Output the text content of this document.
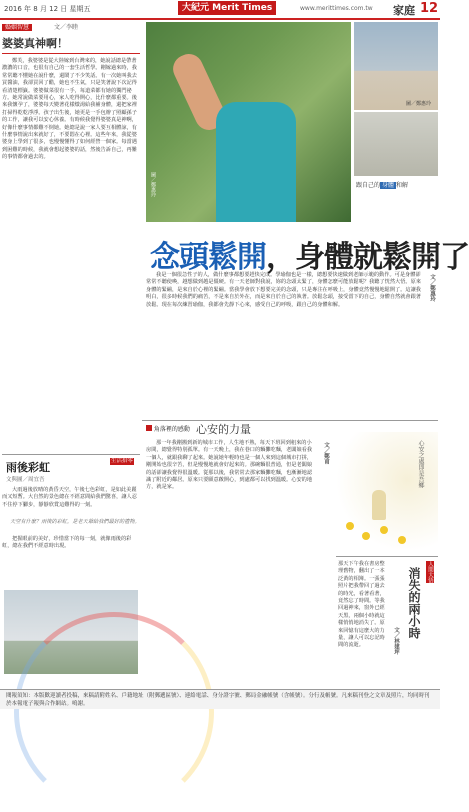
2016 年 8 月 12 日 星期五	大紀元 Merit Times	www.merittimes.com.tw 家庭 12
婚姻智慧	文／李睦
婆婆真神啊！
鄭芙，我婆婆是從大陸嫁到台灣來的，她說話總是帶著濃濃的口音，也很有自己的一套生活哲學。剛嫁過來時，我常常聽不懂她在說什麼，還鬧了不少笑話。有一次她叫我去買醬油，我卻買回了醋，她也不生氣，只是笑著說下次記得看清楚標籤。婆婆做菜很有一手，每道菜都有她的獨門祕方。她常說做菜要用心，家人吃得開心，比什麼都重要。後來我懷孕了，婆婆每天變著花樣燉湯給我補身體，還把家裡打掃得乾乾淨淨。孩子出生後，她更是一手包辦了照顧孫子的工作，讓我可以安心休養。有時候我覺得婆婆真是神啊，好像什麼事情都難不倒她。她總是說一家人要互相體諒，有什麼事情說出來就好了，不要悶在心裡。這些年來，我從婆婆身上學到了很多，也慢慢懂得了如何經營一個家。每當遇到困難的時候，我就會想起婆婆的話，然後告訴自己，再難的事情都會過去的。
雨後彩虹	生活拾零
文與圖／周宜吾
大雨過後放晴的黃昏天空，午後七色彩虹，是如此美麗而又短暫。大自然的景色總在不經意間給我們驚喜，讓人忍不住停下腳步，靜靜欣賞這難得的一刻。
天空有什麼？雨後的彩虹，是老天爺給我們最好的禮物。
把握眼前的美好，珍惜當下的每一刻，就像雨後的彩虹，總在我們不經意時出現。
圖／鄭惠玲
圖／鄭惠玲
跟自己的 身體 和解
念頭鬆開，身體就鬆開了
文／鄭惠玲
我是一個很急性子的人，做什麼事都想要趕快完成。學瑜伽也是一樣，總想要快速做到老師示範的動作。可是身體卻常常不聽使喚，越想做到越是僵硬。有一天老師對我說，妳的念頭太緊了，身體怎麼可能放鬆呢？我聽了恍然大悟。原來身體的緊繃，是來自於心裡的緊繃。當我學會放下想要完美的念頭，只是專注在呼吸上，身體竟然慢慢地鬆開了。這讓我明白，很多時候我們的痛苦，不是來自於外在，而是來自於自己的執著。放鬆念頭，接受當下的自己，身體自然就會跟著放鬆。現在每次練習瑜伽，我都會先靜下心來，感受自己的呼吸，跟自己的身體和解。
角落裡的感動 心安的力量
文／鄭甫
那一年我剛搬到新的城市工作，人生地不熟，每天下班回到租來的小房間，總覺得特別孤單。有一天晚上，我在巷口的麵攤吃麵，老闆娘看我一個人，就跟我聊了起來。她說她年輕時也是一個人來到這個城市打拼，剛開始也很辛苦，但是慢慢地就會好起來的。那碗麵很普通，但是老闆娘的話卻讓我覺得很溫暖。從那以後，我常常去那家麵攤吃麵，也漸漸地認識了附近的鄰居。原來只要願意敞開心，到處都可以找到溫暖。心安的地方，就是家。	心安之處即是吾鄉
人間大悟
消失的兩小時
文／林建坪
那天下午我在書房整理舊物，翻出了一本泛黃的相簿。一張張照片把我帶回了過去的時光，看著看著，竟然忘了時間。等我回過神來，窗外已經天黑，兩個小時就這樣悄悄地消失了。原來回憶有這麼大的力量，讓人可以忘記時間的流逝。
閱報須知：本版歡迎讀者投稿，來稿請附姓名、戶籍地址（附郵遞區號）、連絡電話、身分證字號、郵局金融帳號（含帳號）。分行及帳號。凡來稿刊登之文章及照片，均同時刊於本報電子報與合作網站。鳴謝。
